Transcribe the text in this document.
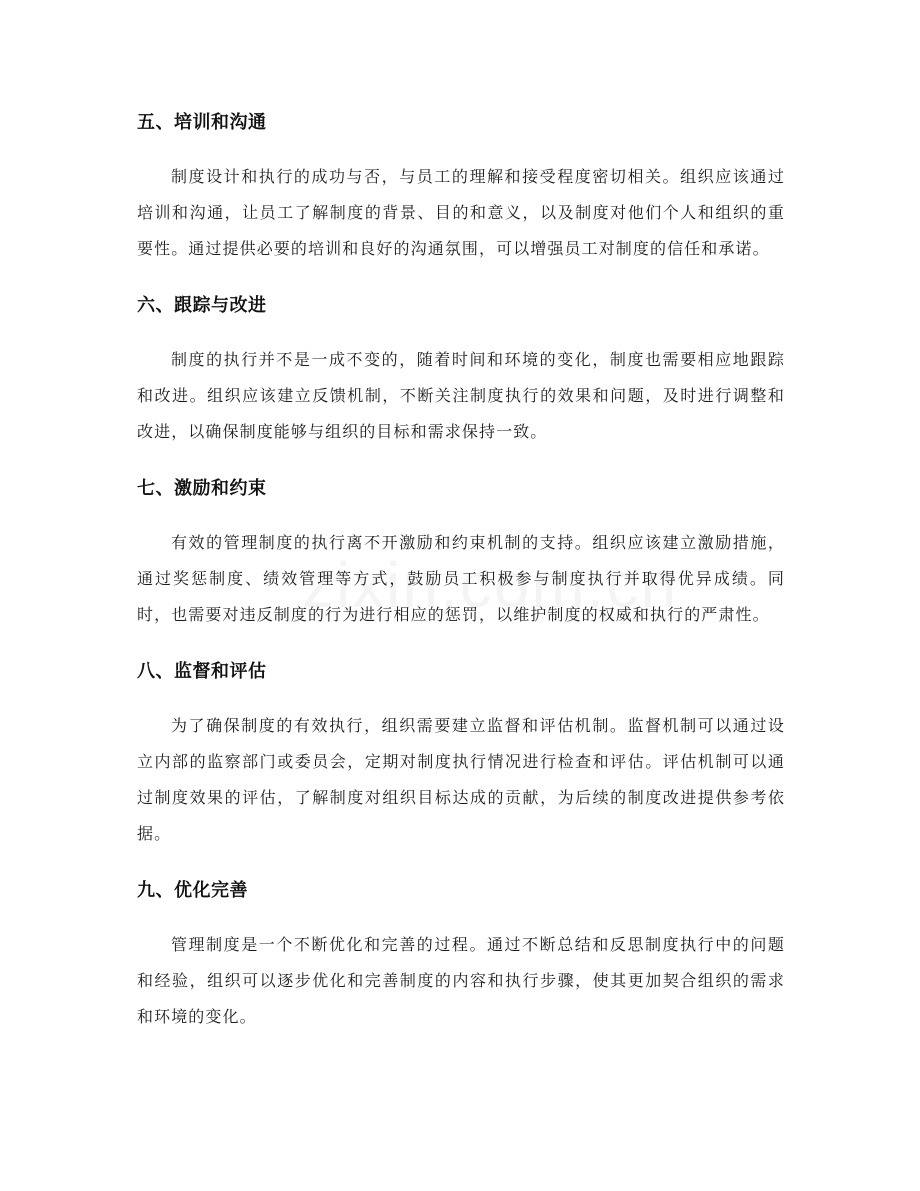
五、培训和沟通
制度设计和执行的成功与否，与员工的理解和接受程度密切相关。组织应该通过培训和沟通，让员工了解制度的背景、目的和意义，以及制度对他们个人和组织的重要性。通过提供必要的培训和良好的沟通氛围，可以增强员工对制度的信任和承诺。
六、跟踪与改进
制度的执行并不是一成不变的，随着时间和环境的变化，制度也需要相应地跟踪和改进。组织应该建立反馈机制，不断关注制度执行的效果和问题，及时进行调整和改进，以确保制度能够与组织的目标和需求保持一致。
七、激励和约束
有效的管理制度的执行离不开激励和约束机制的支持。组织应该建立激励措施，通过奖惩制度、绩效管理等方式，鼓励员工积极参与制度执行并取得优异成绩。同时，也需要对违反制度的行为进行相应的惩罚，以维护制度的权威和执行的严肃性。
八、监督和评估
为了确保制度的有效执行，组织需要建立监督和评估机制。监督机制可以通过设立内部的监察部门或委员会，定期对制度执行情况进行检查和评估。评估机制可以通过制度效果的评估，了解制度对组织目标达成的贡献，为后续的制度改进提供参考依据。
九、优化完善
管理制度是一个不断优化和完善的过程。通过不断总结和反思制度执行中的问题和经验，组织可以逐步优化和完善制度的内容和执行步骤，使其更加契合组织的需求和环境的变化。
